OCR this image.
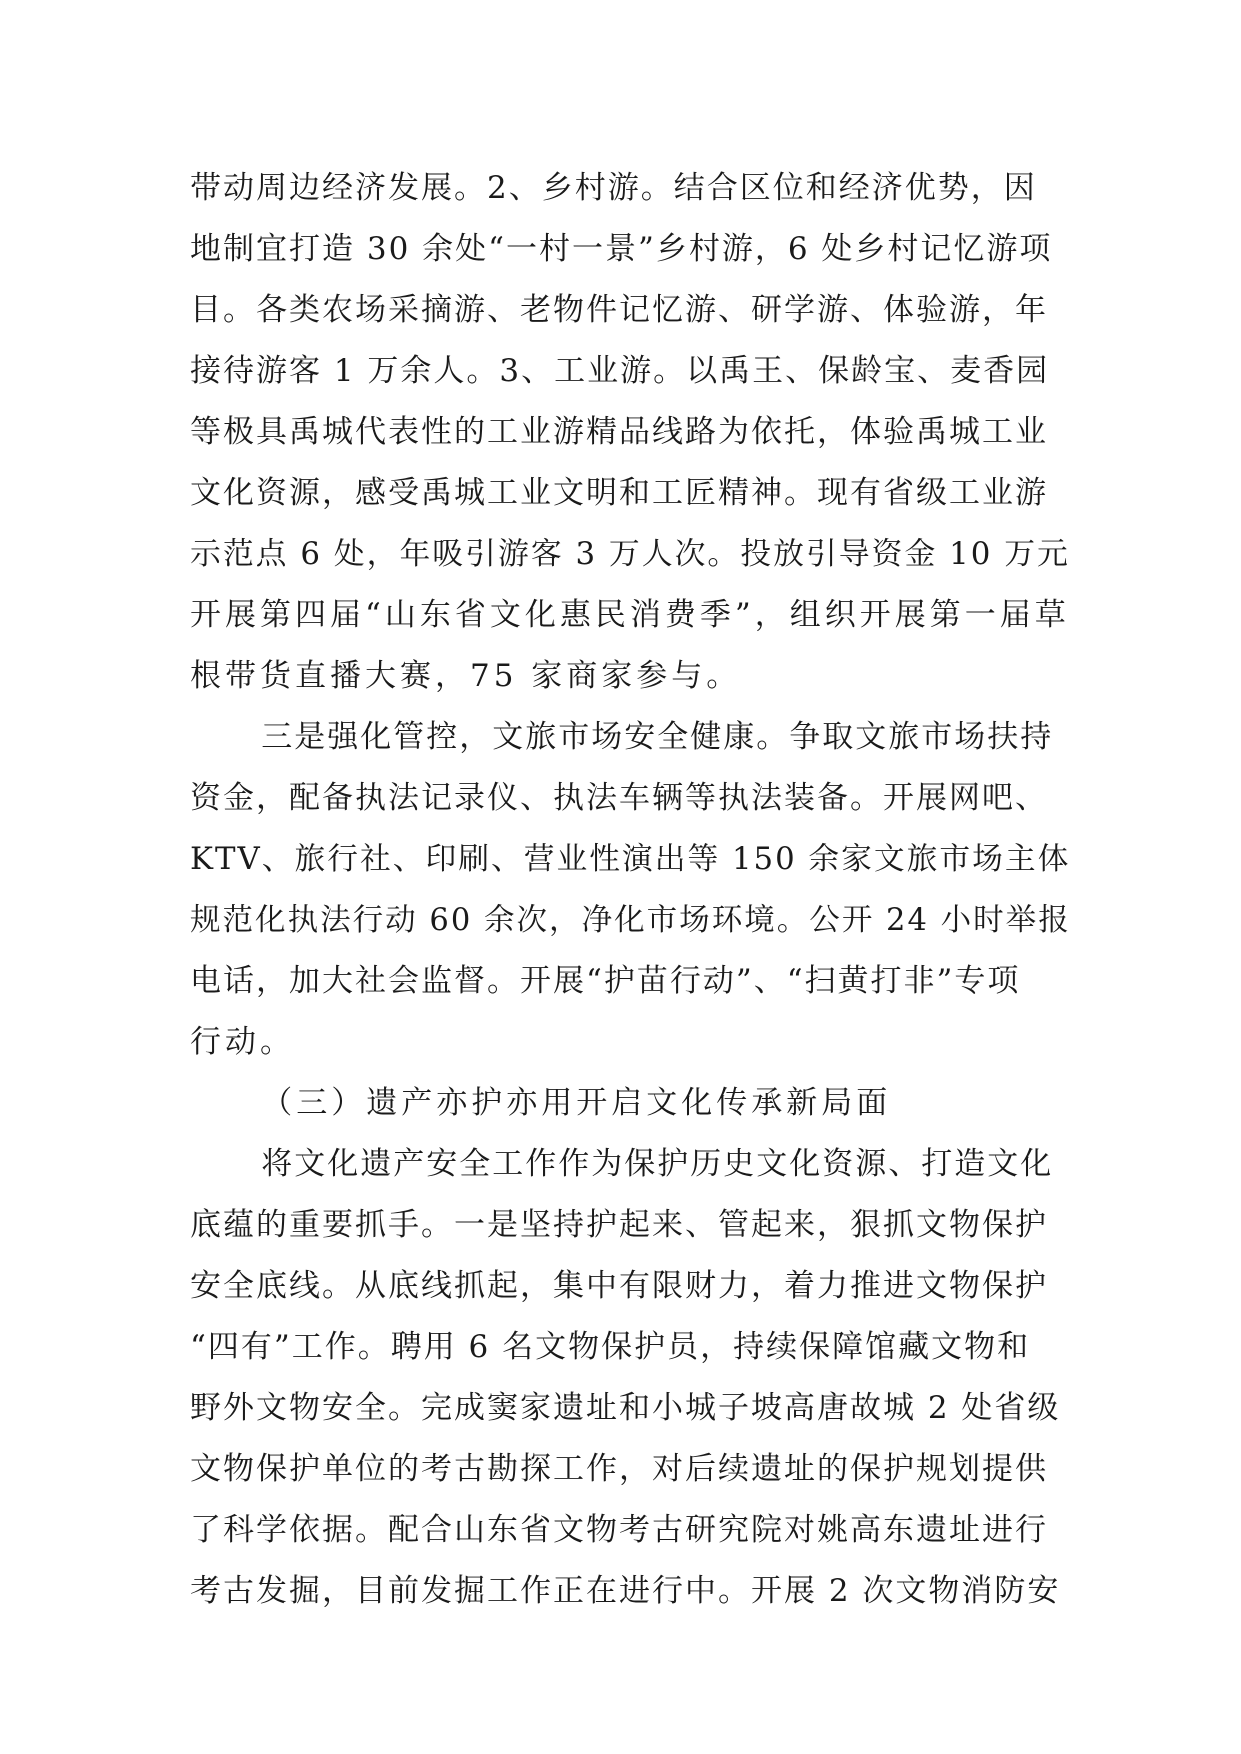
带动周边经济发展。2、乡村游。结合区位和经济优势，因
地制宜打造 30 余处“一村一景”乡村游，6 处乡村记忆游项
目。各类农场采摘游、老物件记忆游、研学游、体验游，年
接待游客 1 万余人。3、工业游。以禹王、保龄宝、麦香园
等极具禹城代表性的工业游精品线路为依托，体验禹城工业
文化资源，感受禹城工业文明和工匠精神。现有省级工业游
示范点 6 处，年吸引游客 3 万人次。投放引导资金 10 万元
开展第四届“山东省文化惠民消费季”，组织开展第一届草
根带货直播大赛，75 家商家参与。
三是强化管控，文旅市场安全健康。争取文旅市场扶持
资金，配备执法记录仪、执法车辆等执法装备。开展网吧、
KTV、旅行社、印刷、营业性演出等 150 余家文旅市场主体
规范化执法行动 60 余次，净化市场环境。公开 24 小时举报
电话，加大社会监督。开展“护苗行动”、“扫黄打非”专项
行动。
（三）遗产亦护亦用开启文化传承新局面
将文化遗产安全工作作为保护历史文化资源、打造文化
底蕴的重要抓手。一是坚持护起来、管起来，狠抓文物保护
安全底线。从底线抓起，集中有限财力，着力推进文物保护
“四有”工作。聘用 6 名文物保护员，持续保障馆藏文物和
野外文物安全。完成窦家遗址和小城子坡高唐故城 2 处省级
文物保护单位的考古勘探工作，对后续遗址的保护规划提供
了科学依据。配合山东省文物考古研究院对姚高东遗址进行
考古发掘，目前发掘工作正在进行中。开展 2 次文物消防安
